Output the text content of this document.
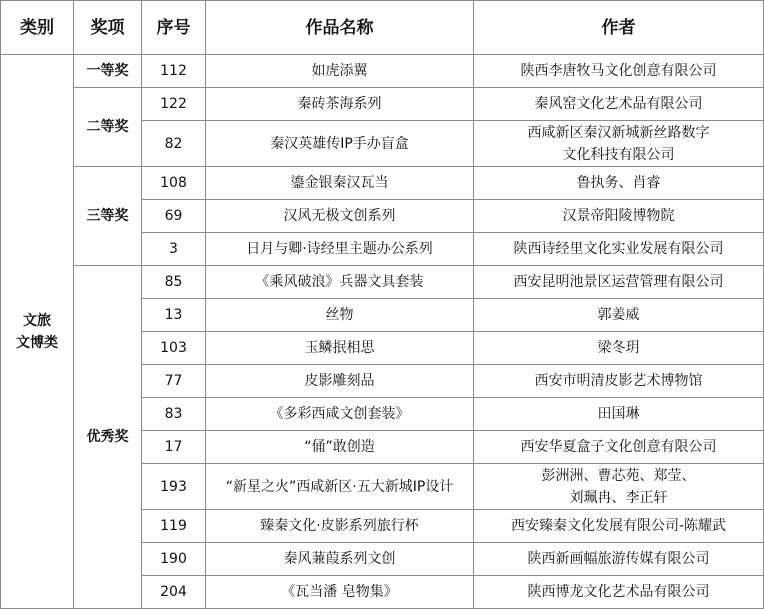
类别	奖项	序号	作品名称	作者

文旅
文博类	一等奖	112	如虎添翼	陕西李唐牧马文化创意有限公司

	二等奖	122	秦砖茶海系列	秦风窑文化艺术品有限公司

		82	秦汉英雄传IP手办盲盒	西咸新区秦汉新城新丝路数字
文化科技有限公司

	三等奖	108	鎏金银秦汉瓦当	鲁执务、肖睿

		69	汉风无极文创系列	汉景帝阳陵博物院

		3	日月与卿·诗经里主题办公系列	陕西诗经里文化实业发展有限公司

	优秀奖	85	《乘风破浪》兵器文具套装	西安昆明池景区运营管理有限公司

		13	丝物	郭姜威

		103	玉鳞抿相思	梁冬玥

		77	皮影雕刻品	西安市明清皮影艺术博物馆

		83	《多彩西咸文创套装》	田国琳

		17	“俑”敢创造	西安华夏盒子文化创意有限公司

		193	“新星之火”西咸新区·五大新城IP设计	彭洲洲、曹芯苑、郑莹、
刘珮冉、李正轩

		119	臻秦文化·皮影系列旅行杯	西安臻秦文化发展有限公司-陈耀武

		190	秦风蒹葭系列文创	陕西新画幅旅游传媒有限公司

		204	《瓦当潘 皂物集》	陕西博龙文化艺术品有限公司
